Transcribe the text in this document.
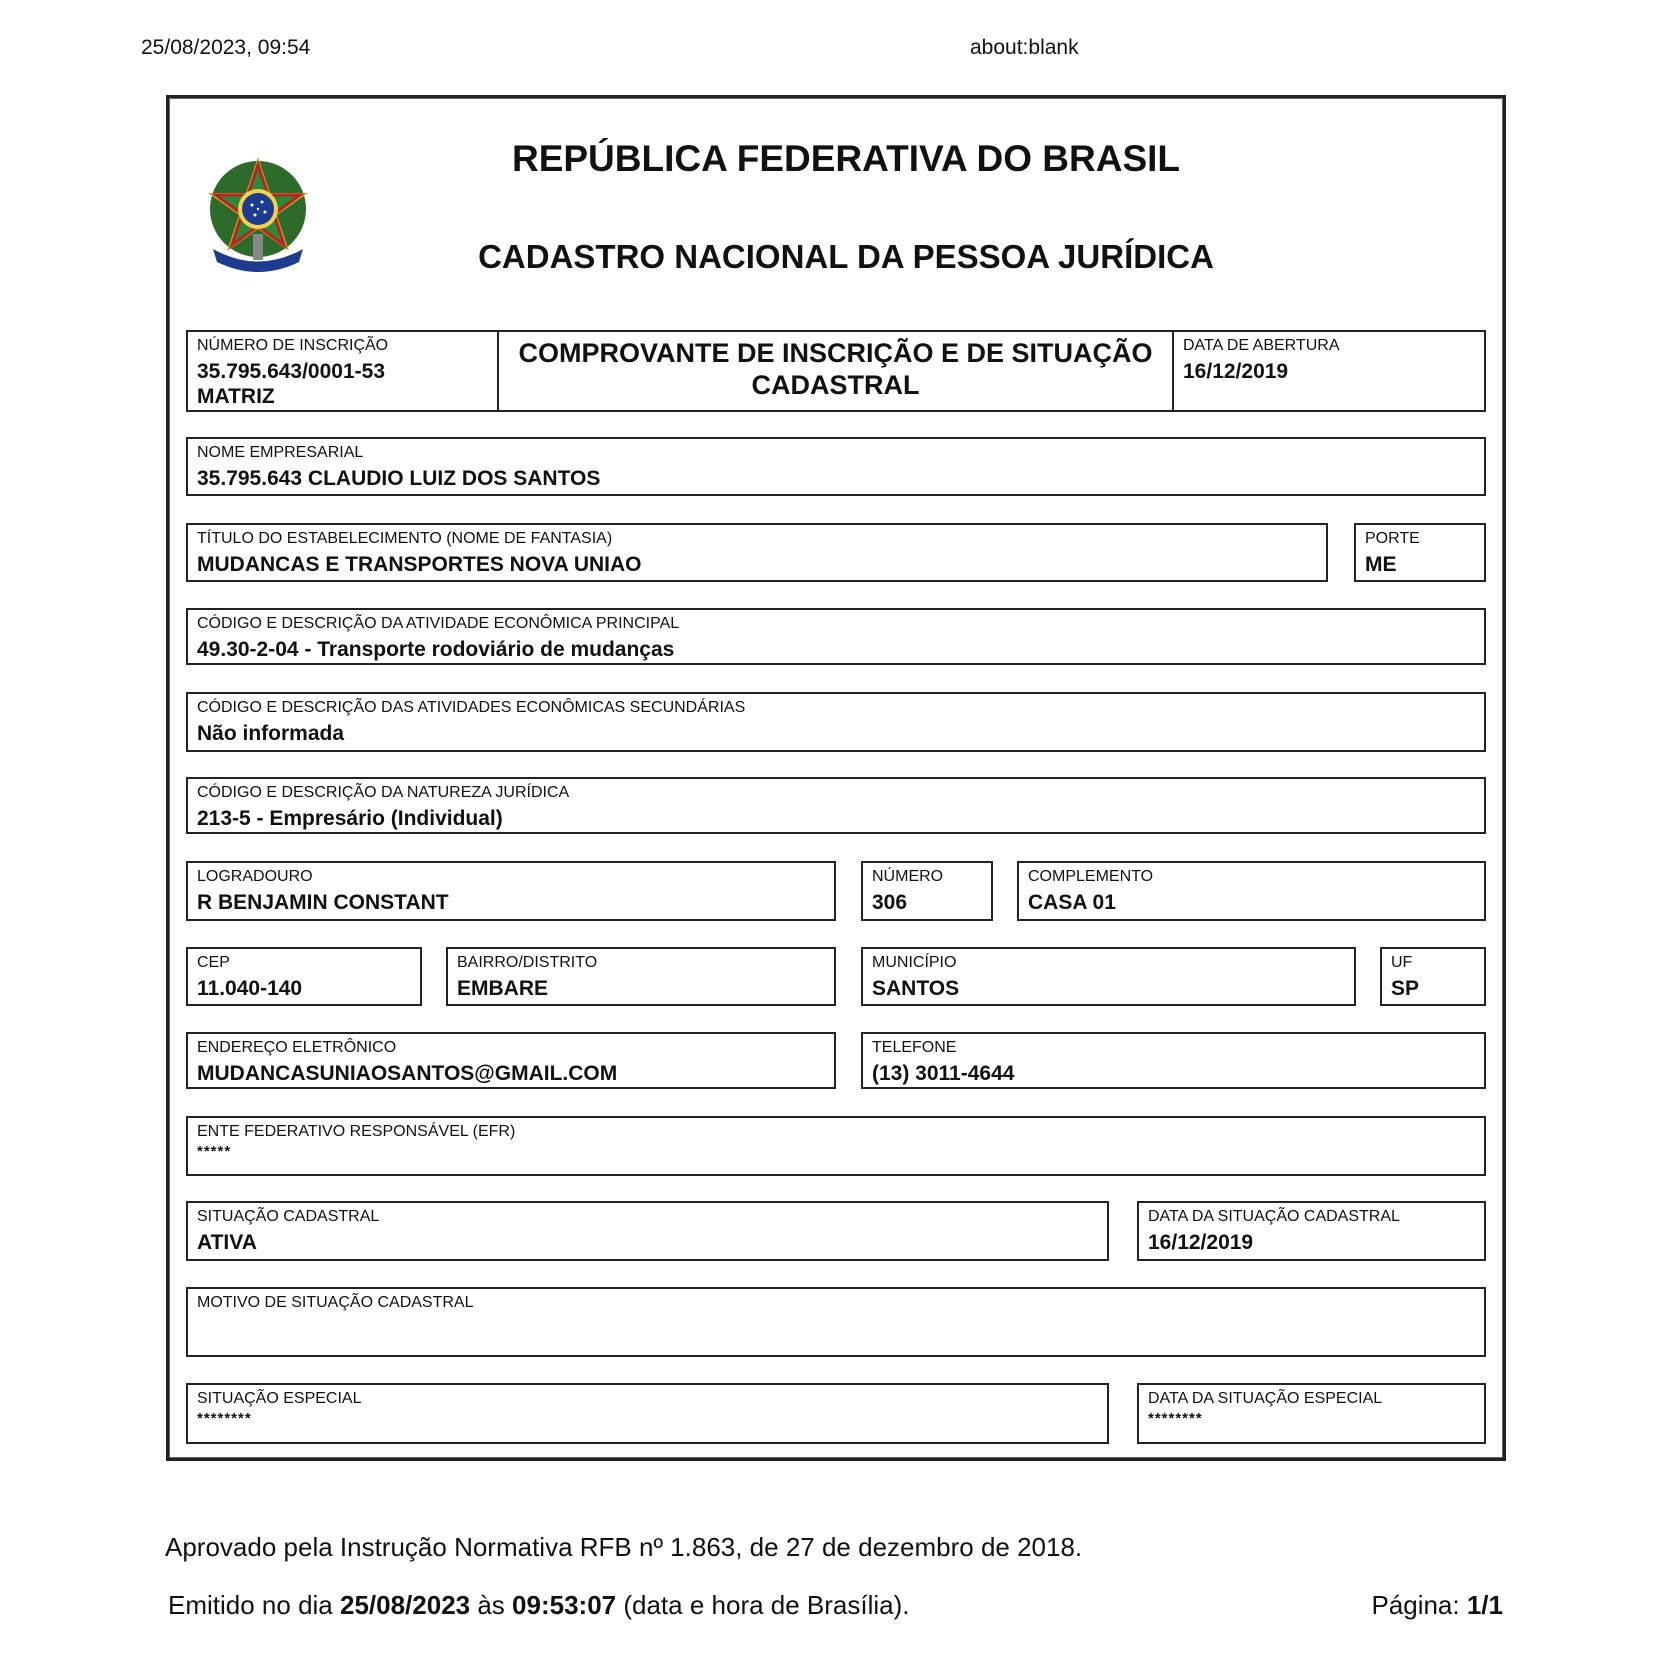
25/08/2023, 09:54	about:blank
REPÚBLICA FEDERATIVA DO BRASIL
CADASTRO NACIONAL DA PESSOA JURÍDICA
NÚMERO DE INSCRIÇÃO
35.795.643/0001-53
MATRIZ
COMPROVANTE DE INSCRIÇÃO E DE SITUAÇÃO
CADASTRAL
DATA DE ABERTURA
16/12/2019
NOME EMPRESARIAL
35.795.643 CLAUDIO LUIZ DOS SANTOS
TÍTULO DO ESTABELECIMENTO (NOME DE FANTASIA)
MUDANCAS E TRANSPORTES NOVA UNIAO
PORTE
ME
CÓDIGO E DESCRIÇÃO DA ATIVIDADE ECONÔMICA PRINCIPAL
49.30-2-04 - Transporte rodoviário de mudanças
CÓDIGO E DESCRIÇÃO DAS ATIVIDADES ECONÔMICAS SECUNDÁRIAS
Não informada
CÓDIGO E DESCRIÇÃO DA NATUREZA JURÍDICA
213-5 - Empresário (Individual)
LOGRADOURO
R BENJAMIN CONSTANT
NÚMERO
306
COMPLEMENTO
CASA 01
CEP
11.040-140
BAIRRO/DISTRITO
EMBARE
MUNICÍPIO
SANTOS
UF
SP
ENDEREÇO ELETRÔNICO
MUDANCASUNIAOSANTOS@GMAIL.COM
TELEFONE
(13) 3011-4644
ENTE FEDERATIVO RESPONSÁVEL (EFR)
*****
SITUAÇÃO CADASTRAL
ATIVA
DATA DA SITUAÇÃO CADASTRAL
16/12/2019
MOTIVO DE SITUAÇÃO CADASTRAL
SITUAÇÃO ESPECIAL
********
DATA DA SITUAÇÃO ESPECIAL
********
Aprovado pela Instrução Normativa RFB nº 1.863, de 27 de dezembro de 2018.
Emitido no dia 25/08/2023 às 09:53:07 (data e hora de Brasília).	Página: 1/1
